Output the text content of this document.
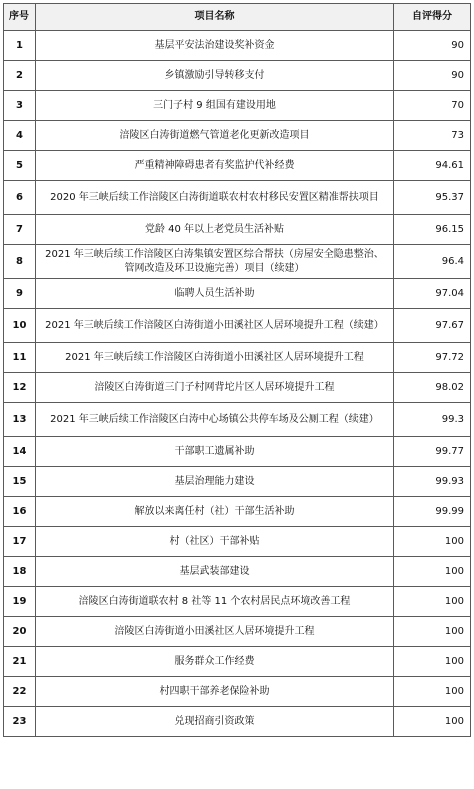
序号	项目名称	自评得分
1	基层平安法治建设奖补资金	90
2	乡镇激励引导转移支付	90
3	三门子村 9 组国有建设用地	70
4	涪陵区白涛街道燃气管道老化更新改造项目	73
5	严重精神障碍患者有奖监护代补经费	94.61
6	2020 年三峡后续工作涪陵区白涛街道联农村农村移民安置区精准帮扶项目	95.37
7	党龄 40 年以上老党员生活补贴	96.15
8	2021 年三峡后续工作涪陵区白涛集镇安置区综合帮扶（房屋安全隐患整治、管网改造及环卫设施完善）项目（续建）	96.4
9	临聘人员生活补助	97.04
10	2021 年三峡后续工作涪陵区白涛街道小田溪社区人居环境提升工程（续建）	97.67
11	2021 年三峡后续工作涪陵区白涛街道小田溪社区人居环境提升工程	97.72
12	涪陵区白涛街道三门子村网背坨片区人居环境提升工程	98.02
13	2021 年三峡后续工作涪陵区白涛中心场镇公共停车场及公厕工程（续建）	99.3
14	干部职工遗属补助	99.77
15	基层治理能力建设	99.93
16	解放以来离任村（社）干部生活补助	99.99
17	村（社区）干部补贴	100
18	基层武装部建设	100
19	涪陵区白涛街道联农村 8 社等 11 个农村居民点环境改善工程	100
20	涪陵区白涛街道小田溪社区人居环境提升工程	100
21	服务群众工作经费	100
22	村四职干部养老保险补助	100
23	兑现招商引资政策	100
